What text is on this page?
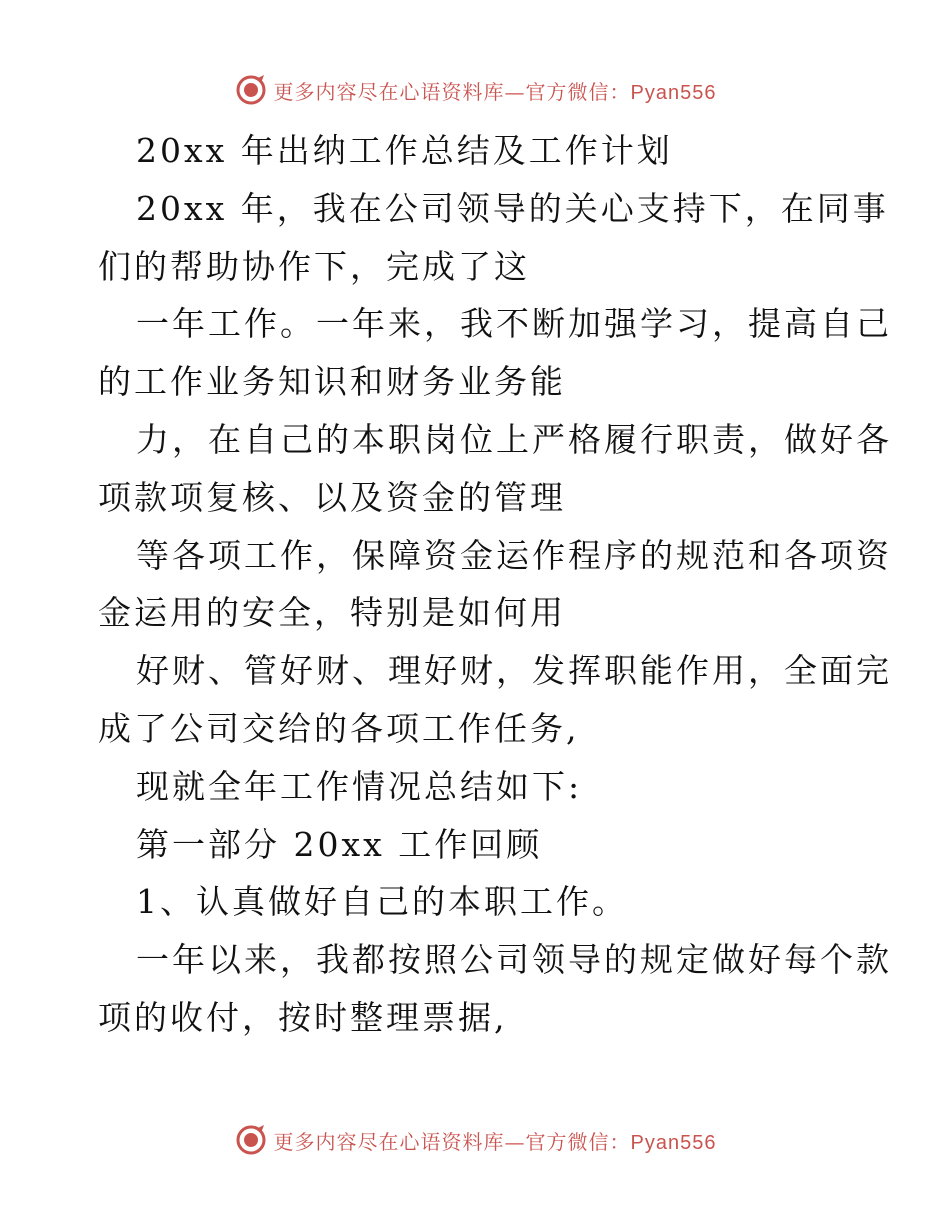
更多内容尽在心语资料库—官方微信：Pyan556
20xx 年出纳工作总结及工作计划
20xx 年，我在公司领导的关心支持下，在同事
们的帮助协作下，完成了这
一年工作。一年来，我不断加强学习，提高自己
的工作业务知识和财务业务能
力，在自己的本职岗位上严格履行职责，做好各
项款项复核、以及资金的管理
等各项工作，保障资金运作程序的规范和各项资
金运用的安全，特别是如何用
好财、管好财、理好财，发挥职能作用，全面完
成了公司交给的各项工作任务,
现就全年工作情况总结如下:
第一部分 20xx 工作回顾
1、认真做好自己的本职工作。
一年以来，我都按照公司领导的规定做好每个款
项的收付，按时整理票据,
更多内容尽在心语资料库—官方微信：Pyan556
